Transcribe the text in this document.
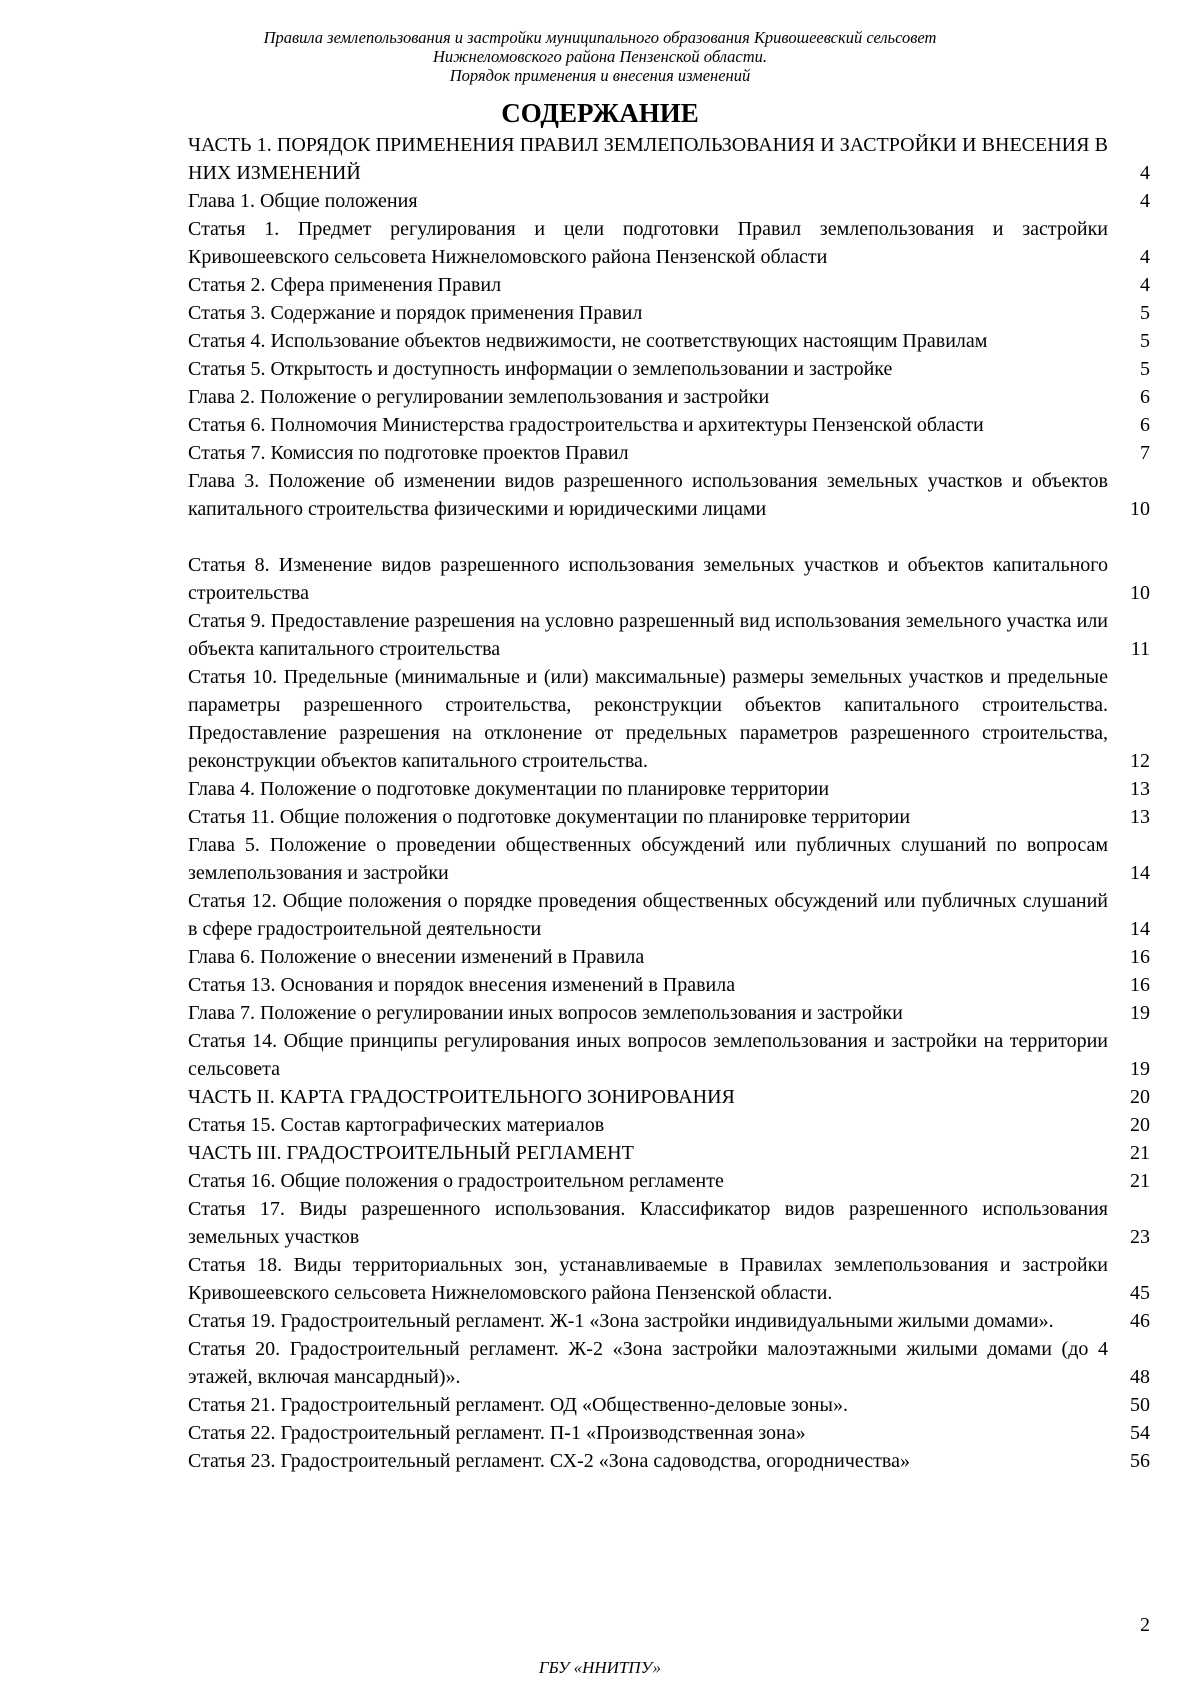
Правила землепользования и застройки муниципального образования Кривошеевский сельсовет
Нижнеломовского района Пензенской области.
Порядок применения и внесения изменений
СОДЕРЖАНИЕ
ЧАСТЬ 1. ПОРЯДОК ПРИМЕНЕНИЯ ПРАВИЛ ЗЕМЛЕПОЛЬЗОВАНИЯ И ЗАСТРОЙКИ И ВНЕСЕНИЯ В НИХ ИЗМЕНЕНИЙ	4
Глава 1. Общие положения	4
Статья 1. Предмет регулирования и цели подготовки Правил землепользования и застройки Кривошеевского сельсовета Нижнеломовского района Пензенской области	4
Статья 2. Сфера применения Правил	4
Статья 3. Содержание и порядок применения Правил	5
Статья 4. Использование объектов недвижимости, не соответствующих настоящим Правилам	5
Статья 5. Открытость и доступность информации о землепользовании и застройке	5
Глава 2. Положение о регулировании землепользования и застройки	6
Статья 6. Полномочия Министерства градостроительства и архитектуры Пензенской области	6
Статья 7. Комиссия по подготовке проектов Правил	7
Глава 3. Положение об изменении видов разрешенного использования земельных участков и объектов капитального строительства физическими и юридическими лицами	10
Статья 8. Изменение видов разрешенного использования земельных участков и объектов капитального строительства	10
Статья 9. Предоставление разрешения на условно разрешенный вид использования земельного участка или объекта капитального строительства	11
Статья 10. Предельные (минимальные и (или) максимальные) размеры земельных участков и предельные параметры разрешенного строительства, реконструкции объектов капитального строительства. Предоставление разрешения на отклонение от предельных параметров разрешенного строительства, реконструкции объектов капитального строительства.	12
Глава 4. Положение о подготовке документации по планировке территории	13
Статья 11. Общие положения о подготовке документации по планировке территории	13
Глава 5. Положение о проведении общественных обсуждений или публичных слушаний по вопросам землепользования и застройки	14
Статья 12. Общие положения о порядке проведения общественных обсуждений или публичных слушаний в сфере градостроительной деятельности	14
Глава 6. Положение о внесении изменений в Правила	16
Статья 13. Основания и порядок внесения изменений в Правила	16
Глава 7. Положение о регулировании иных вопросов землепользования и застройки	19
Статья 14. Общие принципы регулирования иных вопросов землепользования и застройки на территории сельсовета	19
ЧАСТЬ II. КАРТА ГРАДОСТРОИТЕЛЬНОГО ЗОНИРОВАНИЯ	20
Статья 15. Состав картографических материалов	20
ЧАСТЬ III. ГРАДОСТРОИТЕЛЬНЫЙ РЕГЛАМЕНТ	21
Статья 16. Общие положения о градостроительном регламенте	21
Статья 17. Виды разрешенного использования. Классификатор видов разрешенного использования земельных участков	23
Статья 18. Виды территориальных зон, устанавливаемые в Правилах землепользования и застройки Кривошеевского сельсовета Нижнеломовского района Пензенской области.	45
Статья 19. Градостроительный регламент. Ж-1 «Зона застройки индивидуальными жилыми домами».	46
Статья 20. Градостроительный регламент. Ж-2 «Зона застройки малоэтажными жилыми домами (до 4 этажей, включая мансардный)».	48
Статья 21. Градостроительный регламент. ОД «Общественно-деловые зоны».	50
Статья 22. Градостроительный регламент. П-1 «Производственная зона»	54
Статья 23. Градостроительный регламент. СХ-2 «Зона садоводства, огородничества»	56
2
ГБУ «ННИТПУ»
